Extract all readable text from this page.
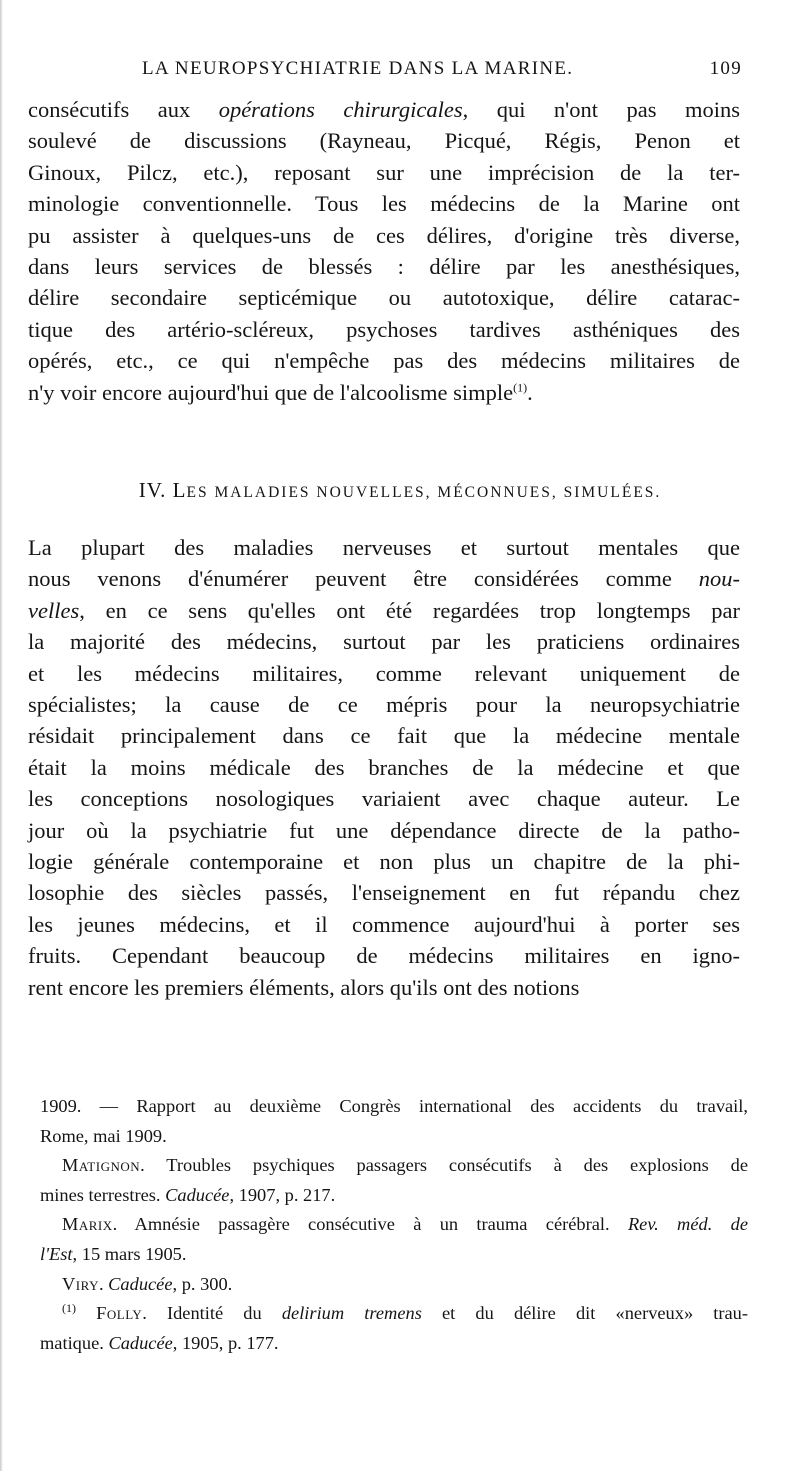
LA NEUROPSYCHIATRIE DANS LA MARINE.	109
consécutifs aux opérations chirurgicales, qui n'ont pas moins
soulevé de discussions (Rayneau, Picqué, Régis, Penon et
Ginoux, Pilcz, etc.), reposant sur une imprécision de la ter-
minologie conventionnelle. Tous les médecins de la Marine ont
pu assister à quelques-uns de ces délires, d'origine très diverse,
dans leurs services de blessés : délire par les anesthésiques,
délire secondaire septicémique ou autotoxique, délire catarac-
tique des artério-scléreux, psychoses tardives asthéniques des
opérés, etc., ce qui n'empêche pas des médecins militaires de
n'y voir encore aujourd'hui que de l'alcoolisme simple$^{(1)}$.
IV. LES MALADIES NOUVELLES, MÉCONNUES, SIMULÉES.
La plupart des maladies nerveuses et surtout mentales que
nous venons d'énumérer peuvent être considérées comme nou-
velles, en ce sens qu'elles ont été regardées trop longtemps par
la majorité des médecins, surtout par les praticiens ordinaires
et les médecins militaires, comme relevant uniquement de
spécialistes; la cause de ce mépris pour la neuropsychiatrie
résidait principalement dans ce fait que la médecine mentale
était la moins médicale des branches de la médecine et que
les conceptions nosologiques variaient avec chaque auteur. Le
jour où la psychiatrie fut une dépendance directe de la patho-
logie générale contemporaine et non plus un chapitre de la phi-
losophie des siècles passés, l'enseignement en fut répandu chez
les jeunes médecins, et il commence aujourd'hui à porter ses
fruits. Cependant beaucoup de médecins militaires en igno-
rent encore les premiers éléments, alors qu'ils ont des notions
1909. — Rapport au deuxième Congrès international des accidents du travail,
Rome, mai 1909.
Matignon. Troubles psychiques passagers consécutifs à des explosions de
mines terrestres. Caducée, 1907, p. 217.
Marix. Amnésie passagère consécutive à un trauma cérébral. Rev. méd. de
l'Est, 15 mars 1905.
Viry. Caducée, p. 300.
$^{(1)}$ Folly. Identité du delirium tremens et du délire dit «nerveux» trau-
matique. Caducée, 1905, p. 177.
